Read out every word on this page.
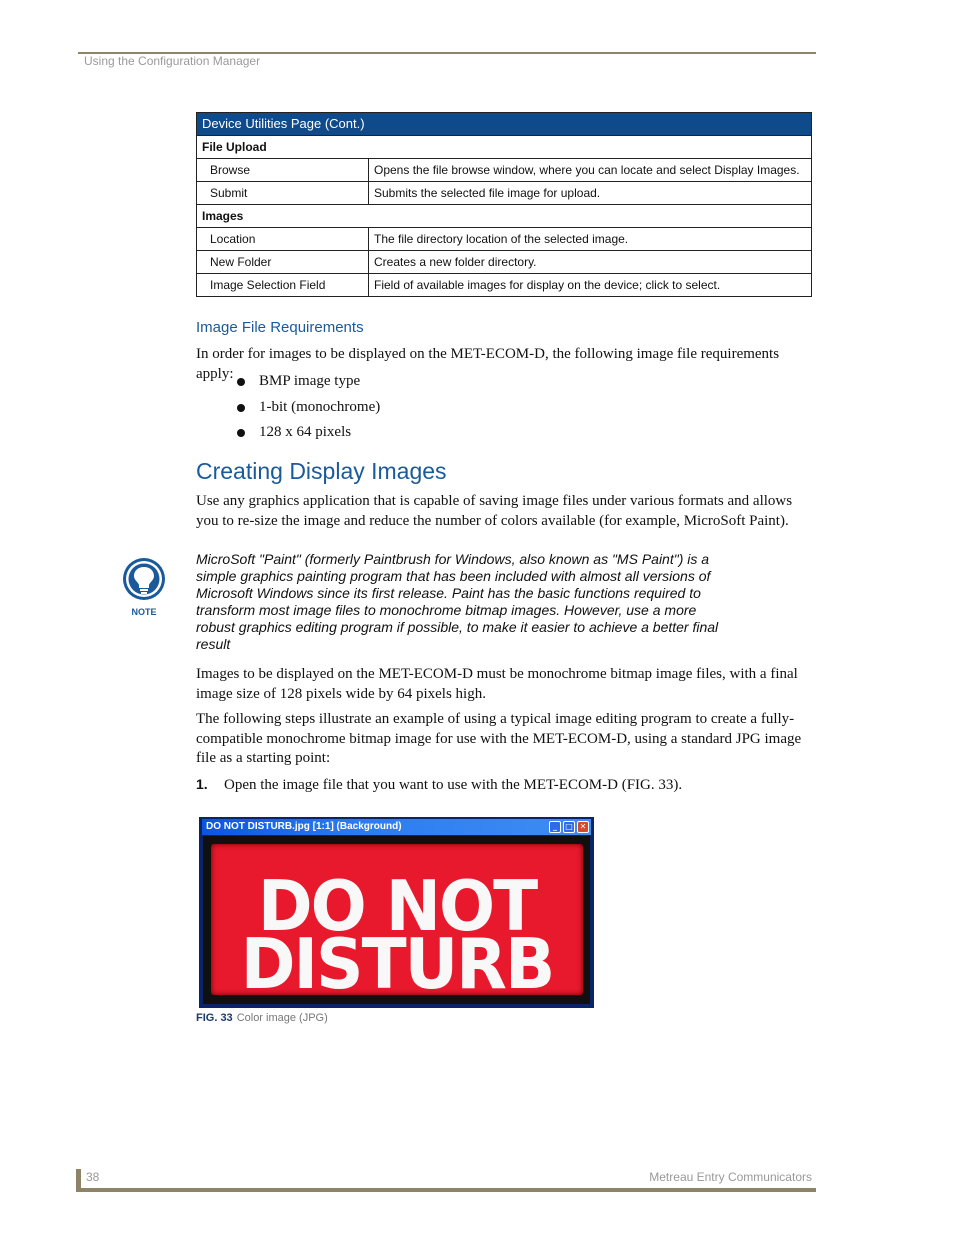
Using the Configuration Manager
Device Utilities Page (Cont.)	
File Upload	
Browse	Opens the file browse window, where you can locate and select Display Images.
Submit	Submits the selected file image for upload.
Images	
Location	The file directory location of the selected image.
New Folder	Creates a new folder directory.
Image Selection Field	Field of available images for display on the device; click to select.
Image File Requirements
In order for images to be displayed on the MET-ECOM-D, the following image file requirements apply:	BMP image type
1-bit (monochrome)
128 x 64 pixels
Creating Display Images
Use any graphics application that is capable of saving image files under various formats and allows you to re-size the image and reduce the number of colors available (for example, MicroSoft Paint).
NOTE
MicroSoft "Paint" (formerly Paintbrush for Windows, also known as "MS Paint") is a simple graphics painting program that has been included with almost all versions of Microsoft Windows since its first release. Paint has the basic functions required to transform most image files to monochrome bitmap images. However, use a more robust graphics editing program if possible, to make it easier to achieve a better final result
Images to be displayed on the MET-ECOM-D must be monochrome bitmap image files, with a final image size of 128 pixels wide by 64 pixels high.
The following steps illustrate an example of using a typical image editing program to create a fully-compatible monochrome bitmap image for use with the MET-ECOM-D, using a standard JPG image file as a starting point:
1. Open the image file that you want to use with the MET-ECOM-D (FIG. 33).
DO NOT DISTURB.jpg [1:1] (Background)	_	□ ✕
DO NOT
DISTURB
FIG. 33 Color image (JPG)
38	Metreau Entry Communicators
